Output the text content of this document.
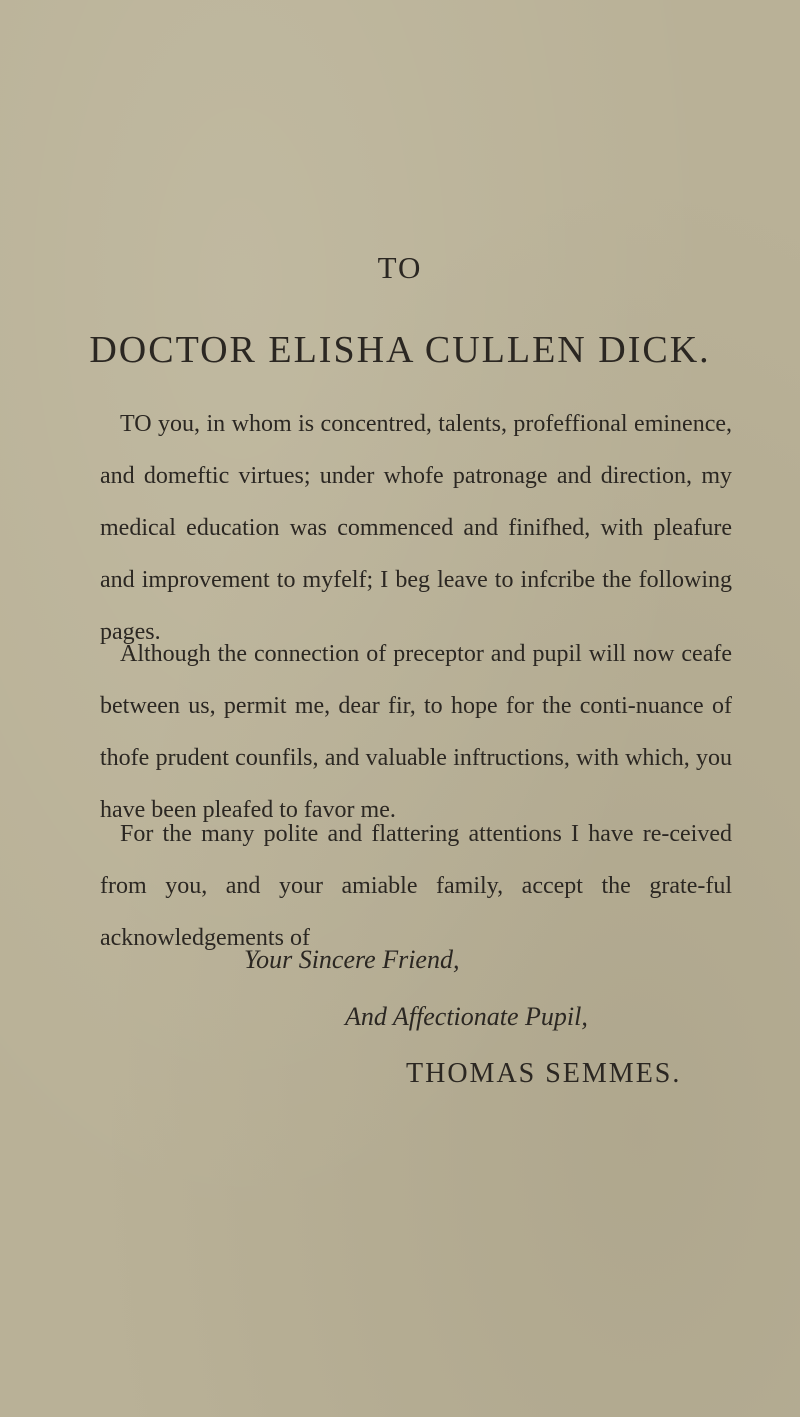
TO
DOCTOR ELISHA CULLEN DICK.

TO you, in whom is concentred, talents, profeffional eminence, and domeftic virtues; under whofe patronage and direction, my medical education was commenced and finifhed, with pleafure and improvement to myfelf; I beg leave to infcribe the following pages.

Although the connection of preceptor and pupil will now ceafe between us, permit me, dear fir, to hope for the conti-nuance of thofe prudent counfils, and valuable inftructions, with which, you have been pleafed to favor me.

For the many polite and flattering attentions I have re-ceived from you, and your amiable family, accept the grate-ful acknowledgements of

Your Sincere Friend,

And Affectionate Pupil,

THOMAS SEMMES.
